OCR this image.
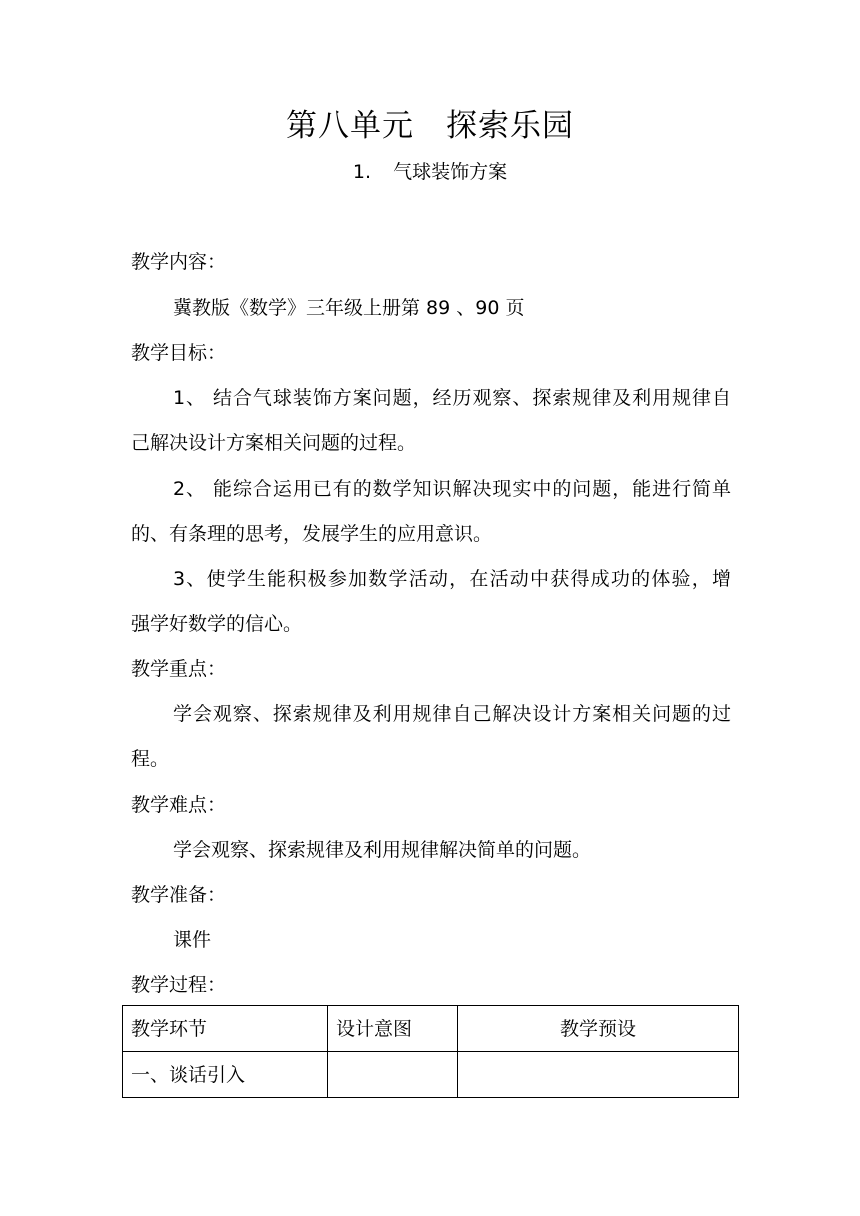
第八单元　探索乐园
1. 气球装饰方案
教学内容：
冀教版《数学》三年级上册第 89 、90 页
教学目标：
1、 结合气球装饰方案问题，经历观察、探索规律及利用规律自
己解决设计方案相关问题的过程。
2、 能综合运用已有的数学知识解决现实中的问题，能进行简单
的、有条理的思考，发展学生的应用意识。
3、使学生能积极参加数学活动，在活动中获得成功的体验，增
强学好数学的信心。
教学重点：
学会观察、探索规律及利用规律自己解决设计方案相关问题的过
程。
教学难点：
学会观察、探索规律及利用规律解决简单的问题。
教学准备：
课件
教学过程：
教学环节	设计意图	教学预设
一、谈话引入		
